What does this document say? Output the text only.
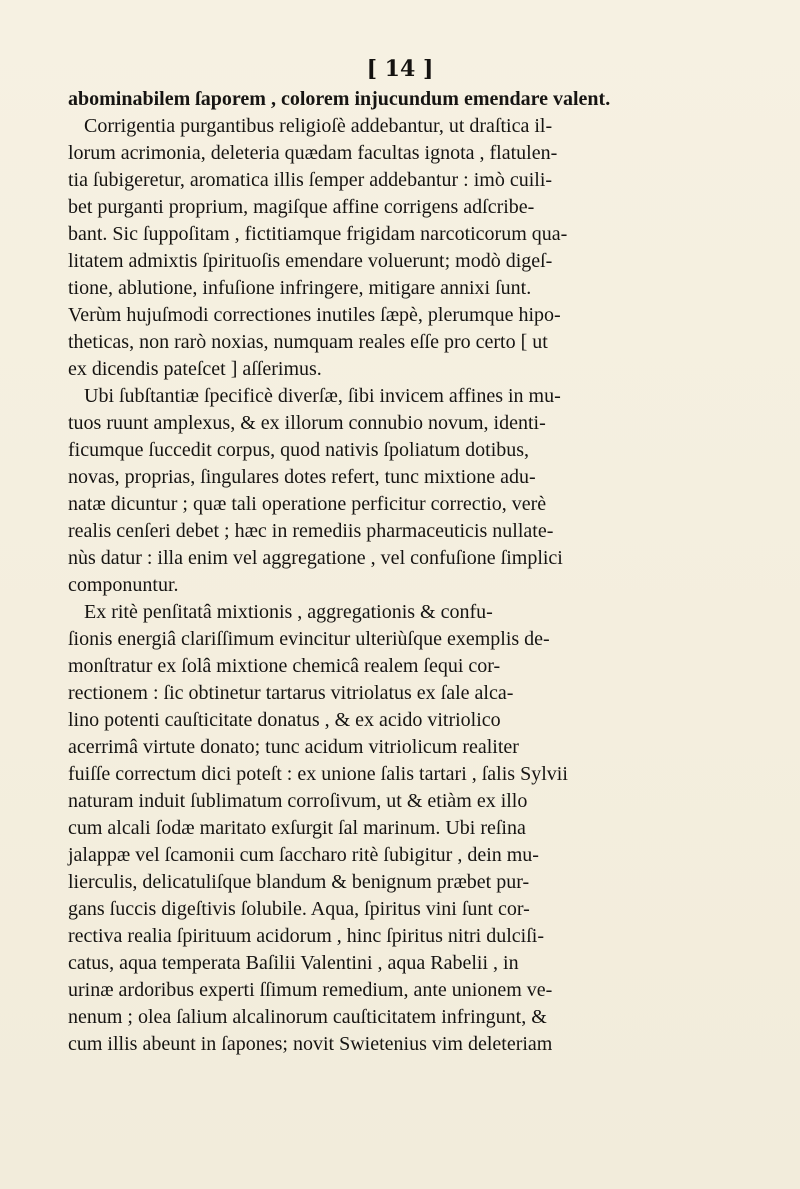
[ 14 ]
abominabilem ſaporem , colorem injucundum emendare valent.
Corrigentia purgantibus religioſè addebantur, ut draſtica il-
lorum acrimonia, deleteria quædam facultas ignota , flatulen-
tia ſubigeretur, aromatica illis ſemper addebantur : imò cuili-
bet purganti proprium, magiſque affine corrigens adſcribe-
bant. Sic ſuppoſitam , fictitiamque frigidam narcoticorum qua-
litatem admixtis ſpirituoſis emendare voluerunt; modò digeſ-
tione, ablutione, infuſione infringere, mitigare annixi ſunt.
Verùm hujuſmodi correctiones inutiles ſæpè, plerumque hipo-
theticas, non rarò noxias, numquam reales eſſe pro certo [ ut
ex dicendis pateſcet ] aſſerimus.
Ubi ſubſtantiæ ſpecificè diverſæ, ſibi invicem affines in mu-
tuos ruunt amplexus, & ex illorum connubio novum, identi-
ficumque ſuccedit corpus, quod nativis ſpoliatum dotibus,
novas, proprias, ſingulares dotes refert, tunc mixtione adu-
natæ dicuntur ; quæ tali operatione perficitur correctio, verè
realis cenſeri debet ; hæc in remediis pharmaceuticis nullate-
nùs datur : illa enim vel aggregatione , vel confuſione ſimplici
componuntur.
Ex ritè penſitatâ mixtionis , aggregationis & confu-
ſionis energiâ clariſſimum evincitur ulteriùſque exemplis de-
monſtratur ex ſolâ mixtione chemicâ realem ſequi cor-
rectionem : ſic obtinetur tartarus vitriolatus ex ſale alca-
lino potenti cauſticitate donatus , & ex acido vitriolico
acerrimâ virtute donato; tunc acidum vitriolicum realiter
fuiſſe correctum dici poteſt : ex unione ſalis tartari , ſalis Sylvii
naturam induit ſublimatum corroſivum, ut & etiàm ex illo
cum alcali ſodæ maritato exſurgit ſal marinum. Ubi reſina
jalappæ vel ſcamonii cum ſaccharo ritè ſubigitur , dein mu-
lierculis, delicatuliſque blandum & benignum præbet pur-
gans ſuccis digeſtivis ſolubile. Aqua, ſpiritus vini ſunt cor-
rectiva realia ſpirituum acidorum , hinc ſpiritus nitri dulciſi-
catus, aqua temperata Baſilii Valentini , aqua Rabelii , in
urinæ ardoribus experti ſſimum remedium, ante unionem ve-
nenum ; olea ſalium alcalinorum cauſticitatem infringunt, &
cum illis abeunt in ſapones; novit Swietenius vim deleteriam
